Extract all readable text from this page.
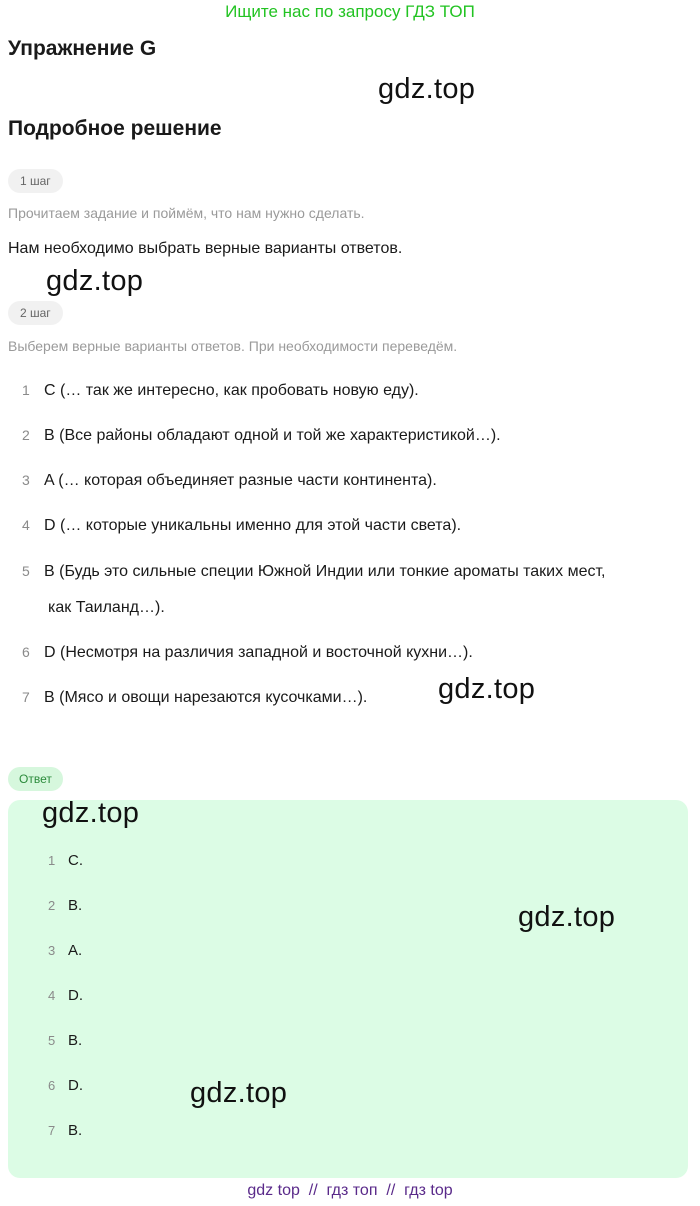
Ищите нас по запросу ГДЗ ТОП
Упражнение G
gdz.top
Подробное решение
1 шаг
Прочитаем задание и поймём, что нам нужно сделать.
Нам необходимо выбрать верные варианты ответов.
gdz.top
2 шаг
Выберем верные варианты ответов. При необходимости переведём.
1 C (… так же интересно, как пробовать новую еду).
2 B (Все районы обладают одной и той же характеристикой…).
3 A (… которая объединяет разные части континента).
4 D (… которые уникальны именно для этой части света).
5 B (Будь это сильные специи Южной Индии или тонкие ароматы таких мест,
как Таиланд…).
6 D (Несмотря на различия западной и восточной кухни…).
7 B (Мясо и овощи нарезаются кусочками…).	gdz.top
Ответ
gdz.top
gdz.top
gdz.top
1 C.
2 B.
3 A.
4 D.
5 B.
6 D.
7 B.
gdz top  //  гдз топ  //  гдз top
